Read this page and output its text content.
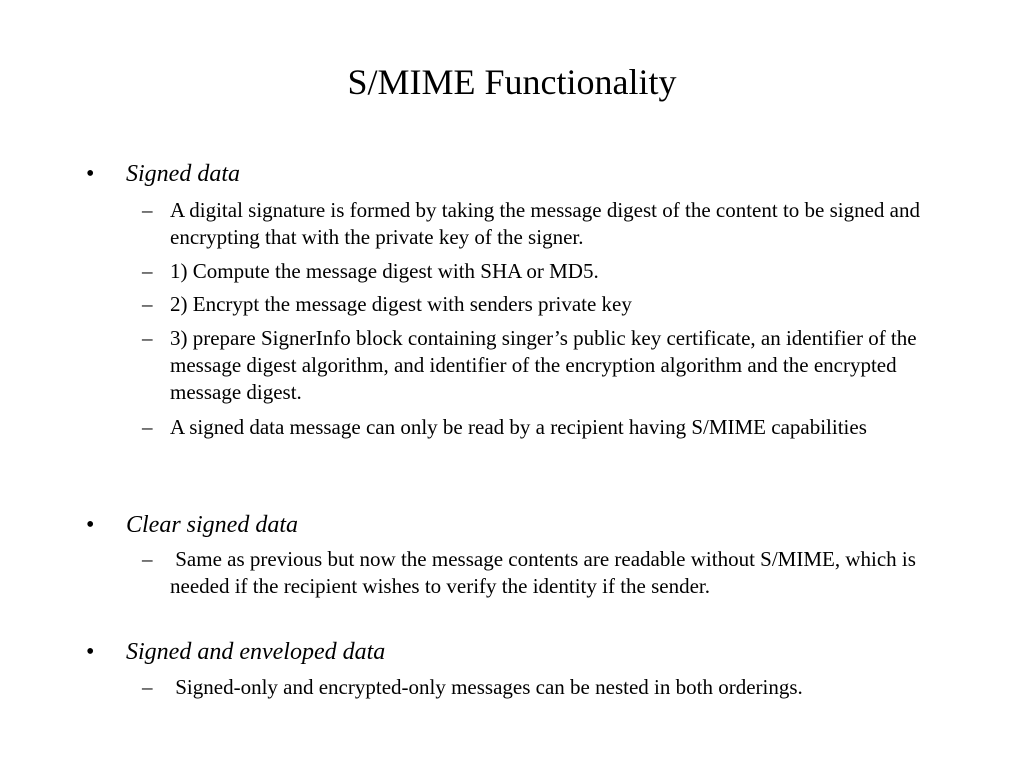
S/MIME Functionality
• Signed data
– A digital signature is formed by taking the message digest of the content to be signed and encrypting that with the private key of the signer.
– 1) Compute the message digest with SHA or MD5.
– 2) Encrypt the message digest with senders private key
– 3) prepare SignerInfo block containing singer’s public key certificate, an identifier of the message digest algorithm, and identifier of the encryption algorithm and the encrypted message digest.
– A signed data message can only be read by a recipient having S/MIME capabilities
• Clear signed data
– Same as previous but now the message contents are readable without S/MIME, which is needed if the recipient wishes to verify the identity if the sender.
• Signed and enveloped data
– Signed-only and encrypted-only messages can be nested in both orderings.
